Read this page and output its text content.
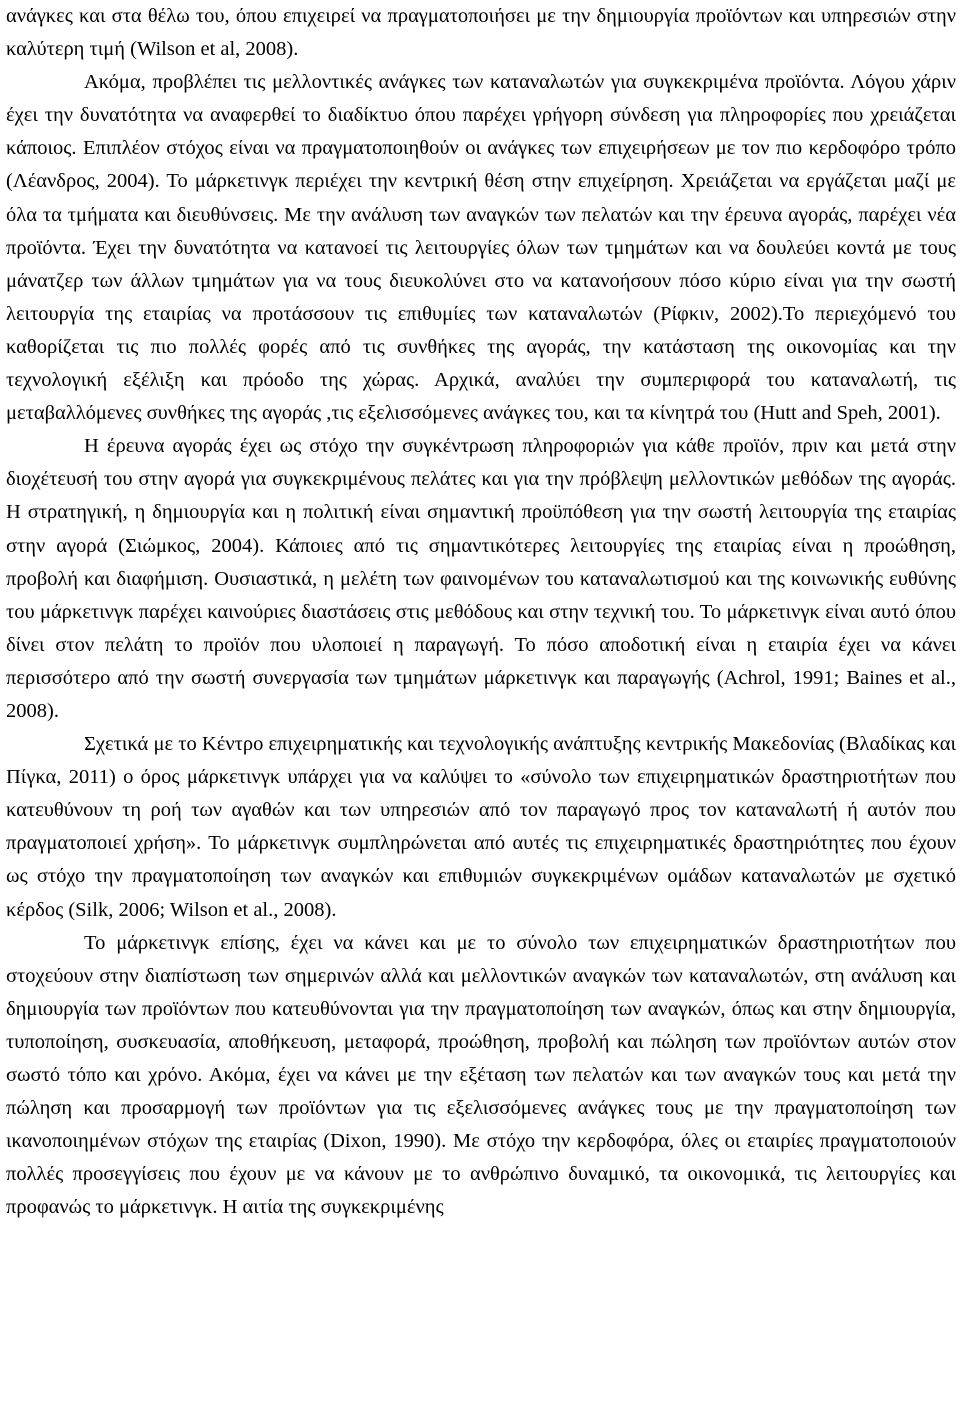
ανάγκες και στα θέλω του, όπου επιχειρεί να πραγματοποιήσει με την δημιουργία προϊόντων και υπηρεσιών στην καλύτερη τιμή (Wilson et al, 2008).

Ακόμα, προβλέπει τις μελλοντικές ανάγκες των καταναλωτών για συγκεκριμένα προϊόντα. Λόγου χάριν έχει την δυνατότητα να αναφερθεί το διαδίκτυο όπου παρέχει γρήγορη σύνδεση για πληροφορίες που χρειάζεται κάποιος. Επιπλέον στόχος είναι να πραγματοποιηθούν οι ανάγκες των επιχειρήσεων με τον πιο κερδοφόρο τρόπο (Λέανδρος, 2004). Το μάρκετινγκ περιέχει την κεντρική θέση στην επιχείρηση. Χρειάζεται να εργάζεται μαζί με όλα τα τμήματα και διευθύνσεις. Με την ανάλυση των αναγκών των πελατών και την έρευνα αγοράς, παρέχει νέα προϊόντα. Έχει την δυνατότητα να κατανοεί τις λειτουργίες όλων των τμημάτων και να δουλεύει κοντά με τους μάνατζερ των άλλων τμημάτων για να τους διευκολύνει στο να κατανοήσουν πόσο κύριο είναι για την σωστή λειτουργία της εταιρίας να προτάσσουν τις επιθυμίες των καταναλωτών (Ρίφκιν, 2002).Το περιεχόμενό του καθορίζεται τις πιο πολλές φορές από τις συνθήκες της αγοράς, την κατάσταση της οικονομίας και την τεχνολογική εξέλιξη και πρόοδο της χώρας. Αρχικά, αναλύει την συμπεριφορά του καταναλωτή, τις μεταβαλλόμενες συνθήκες της αγοράς ,τις εξελισσόμενες ανάγκες του, και τα κίνητρά του (Hutt and Speh, 2001).

Η έρευνα αγοράς έχει ως στόχο την συγκέντρωση πληροφοριών για κάθε προϊόν, πριν και μετά στην διοχέτευσή του στην αγορά για συγκεκριμένους πελάτες και για την πρόβλεψη μελλοντικών μεθόδων της αγοράς. Η στρατηγική, η δημιουργία και η πολιτική είναι σημαντική προϋπόθεση για την σωστή λειτουργία της εταιρίας στην αγορά (Σιώμκος, 2004). Κάποιες από τις σημαντικότερες λειτουργίες της εταιρίας είναι η προώθηση, προβολή και διαφήμιση. Ουσιαστικά, η μελέτη των φαινομένων του καταναλωτισμού και της κοινωνικής ευθύνης του μάρκετινγκ παρέχει καινούριες διαστάσεις στις μεθόδους και στην τεχνική του. Το μάρκετινγκ είναι αυτό όπου δίνει στον πελάτη το προϊόν που υλοποιεί η παραγωγή. Το πόσο αποδοτική είναι η εταιρία έχει να κάνει περισσότερο από την σωστή συνεργασία των τμημάτων μάρκετινγκ και παραγωγής (Achrol, 1991; Baines et al., 2008).

Σχετικά με το Κέντρο επιχειρηματικής και τεχνολογικής ανάπτυξης κεντρικής Μακεδονίας (Βλαδίκας και Πίγκα, 2011) ο όρος μάρκετινγκ υπάρχει για να καλύψει το «σύνολο των επιχειρηματικών δραστηριοτήτων που κατευθύνουν τη ροή των αγαθών και των υπηρεσιών από τον παραγωγό προς τον καταναλωτή ή αυτόν που πραγματοποιεί χρήση». Το μάρκετινγκ συμπληρώνεται από αυτές τις επιχειρηματικές δραστηριότητες που έχουν ως στόχο την πραγματοποίηση των αναγκών και επιθυμιών συγκεκριμένων ομάδων καταναλωτών με σχετικό κέρδος (Silk, 2006; Wilson et al., 2008).

Το μάρκετινγκ επίσης, έχει να κάνει και με το σύνολο των επιχειρηματικών δραστηριοτήτων που στοχεύουν στην διαπίστωση των σημερινών αλλά και μελλοντικών αναγκών των καταναλωτών, στη ανάλυση και δημιουργία των προϊόντων που κατευθύνονται για την πραγματοποίηση των αναγκών, όπως και στην δημιουργία, τυποποίηση, συσκευασία, αποθήκευση, μεταφορά, προώθηση, προβολή και πώληση των προϊόντων αυτών στον σωστό τόπο και χρόνο. Ακόμα, έχει να κάνει με την εξέταση των πελατών και των αναγκών τους και μετά την πώληση και προσαρμογή των προϊόντων για τις εξελισσόμενες ανάγκες τους με την πραγματοποίηση των ικανοποιημένων στόχων της εταιρίας (Dixon, 1990). Με στόχο την κερδοφόρα, όλες οι εταιρίες πραγματοποιούν πολλές προσεγγίσεις που έχουν με να κάνουν με το ανθρώπινο δυναμικό, τα οικονομικά, τις λειτουργίες και προφανώς το μάρκετινγκ. Η αιτία της συγκεκριμένης
